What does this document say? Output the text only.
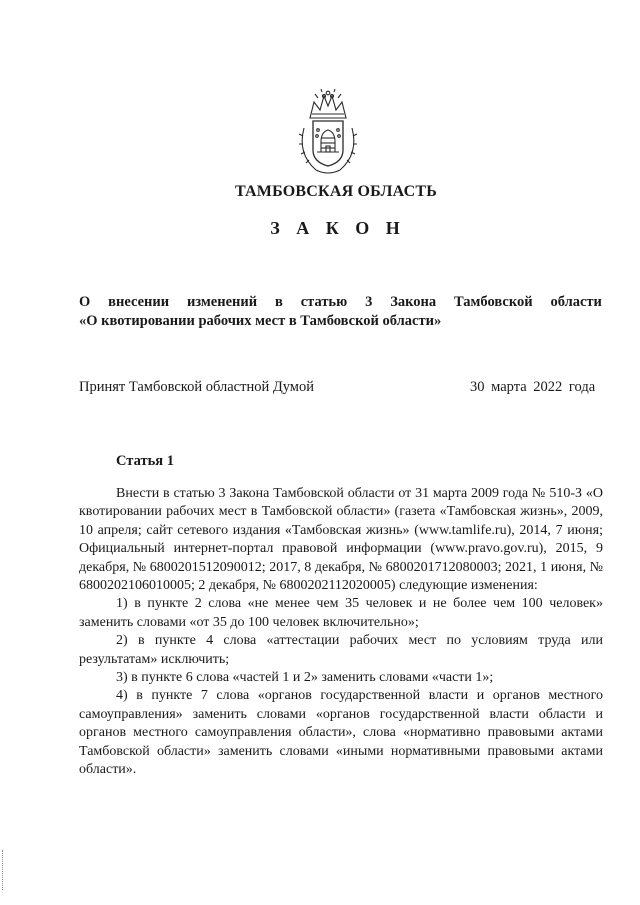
ТАМБОВСКАЯ ОБЛАСТЬ
З А К О Н
О внесении изменений в статью 3 Закона Тамбовской области
«О квотировании рабочих мест в Тамбовской области»
Принят Тамбовской областной Думой	30 марта 2022 года
Статья 1

Внести в статью 3 Закона Тамбовской области от 31 марта 2009 года № 510-З «О квотировании рабочих мест в Тамбовской области» (газета «Тамбовская жизнь», 2009, 10 апреля; сайт сетевого издания «Тамбовская жизнь» (www.tamlife.ru), 2014, 7 июня; Официальный интернет-портал правовой информации (www.pravo.gov.ru), 2015, 9 декабря, № 6800201512090012; 2017, 8 декабря, № 6800201712080003; 2021, 1 июня, № 6800202106010005; 2 декабря, № 6800202112020005) следующие изменения:

1) в пункте 2 слова «не менее чем 35 человек и не более чем 100 человек» заменить словами «от 35 до 100 человек включительно»;

2) в пункте 4 слова «аттестации рабочих мест по условиям труда или результатам» исключить;

3) в пункте 6 слова «частей 1 и 2» заменить словами «части 1»;

4) в пункте 7 слова «органов государственной власти и органов местного самоуправления» заменить словами «органов государственной власти области и органов местного самоуправления области», слова «нормативно правовыми актами Тамбовской области» заменить словами «иными нормативными правовыми актами области».
